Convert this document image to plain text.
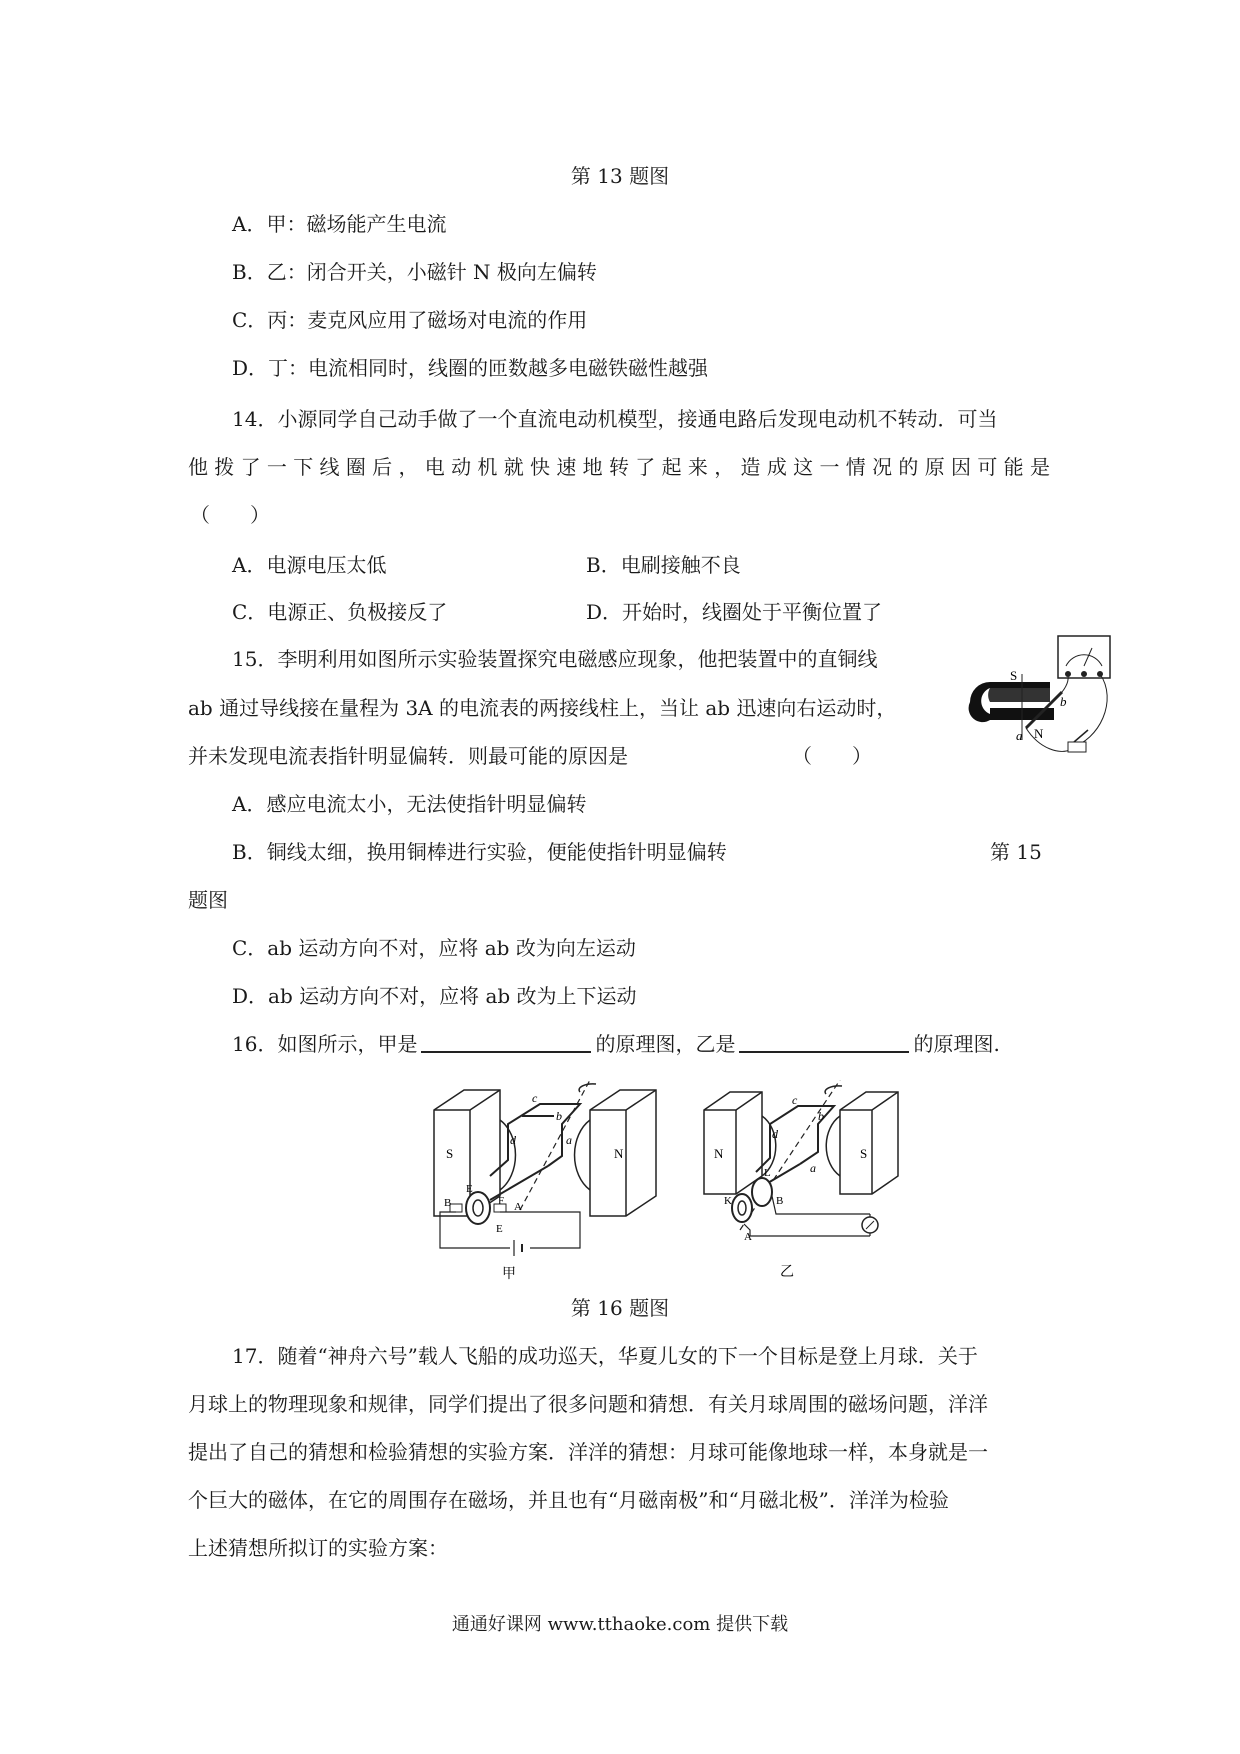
第 13 题图
A．甲：磁场能产生电流
B．乙：闭合开关，小磁针 N 极向左偏转
C．丙：麦克风应用了磁场对电流的作用
D．丁：电流相同时，线圈的匝数越多电磁铁磁性越强
14．小源同学自己动手做了一个直流电动机模型，接通电路后发现电动机不转动．可当
他拨了一下线圈后，电动机就快速地转了起来，造成这一情况的原因可能是
（　　）
A．电源电压太低	B．电刷接触不良
C．电源正、负极接反了	D．开始时，线圈处于平衡位置了
15．李明利用如图所示实验装置探究电磁感应现象，他把装置中的直铜线
ab 通过导线接在量程为 3A 的电流表的两接线柱上，当让 ab 迅速向右运动时，
并未发现电流表指针明显偏转．则最可能的原因是	（　　）
S
N
a
b
A．感应电流太小，无法使指针明显偏转
B．铜线太细，换用铜棒进行实验，便能使指针明显偏转	第 15
题图
C．ab 运动方向不对，应将 ab 改为向左运动
D．ab 运动方向不对，应将 ab 改为上下运动
16．如图所示，甲是	的原理图，乙是	的原理图.
S	N
c
d	a
b
E
F
B	A
E
甲
N	S
c
d
a
b
L
K	B
A
乙
第 16 题图
17．随着“神舟六号”载人飞船的成功巡天，华夏儿女的下一个目标是登上月球．关于
月球上的物理现象和规律，同学们提出了很多问题和猜想．有关月球周围的磁场问题，洋洋
提出了自己的猜想和检验猜想的实验方案．洋洋的猜想：月球可能像地球一样，本身就是一
个巨大的磁体，在它的周围存在磁场，并且也有“月磁南极”和“月磁北极”．洋洋为检验
上述猜想所拟订的实验方案：
通通好课网 www.tthaoke.com 提供下载
